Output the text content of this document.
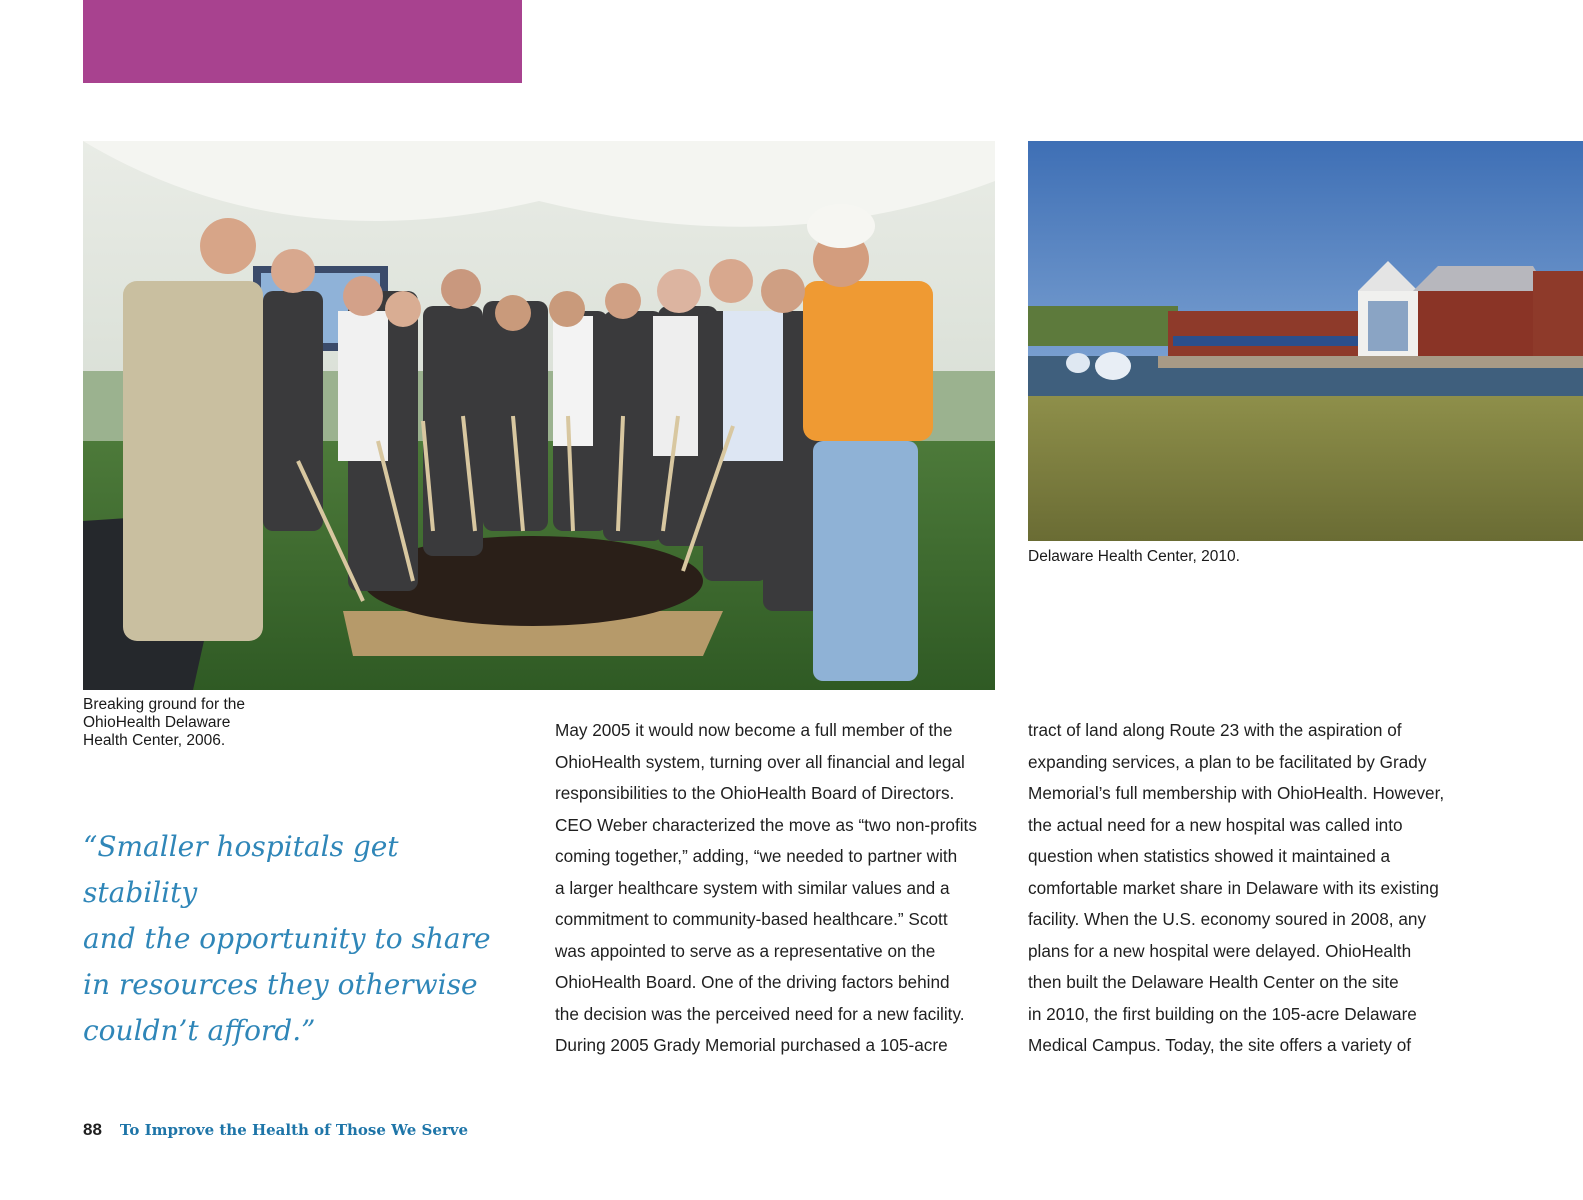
Breaking ground for the
OhioHealth Delaware
Health Center, 2006.
Delaware Health Center, 2010.
“Smaller hospitals get stability
and the opportunity to share
in resources they otherwise
couldn’t afford.”
May 2005 it would now become a full member of the
OhioHealth system, turning over all financial and legal
responsibilities to the OhioHealth Board of Directors.
CEO Weber characterized the move as “two non-profits
coming together,” adding, “we needed to partner with
a larger healthcare system with similar values and a
commitment to community-based healthcare.” Scott
was appointed to serve as a representative on the
OhioHealth Board. One of the driving factors behind
the decision was the perceived need for a new facility.
During 2005 Grady Memorial purchased a 105-acre
tract of land along Route 23 with the aspiration of
expanding services, a plan to be facilitated by Grady
Memorial’s full membership with OhioHealth. However,
the actual need for a new hospital was called into
question when statistics showed it maintained a
comfortable market share in Delaware with its existing
facility. When the U.S. economy soured in 2008, any
plans for a new hospital were delayed. OhioHealth
then built the Delaware Health Center on the site
in 2010, the first building on the 105-acre Delaware
Medical Campus. Today, the site offers a variety of
88 To Improve the Health of Those We Serve
